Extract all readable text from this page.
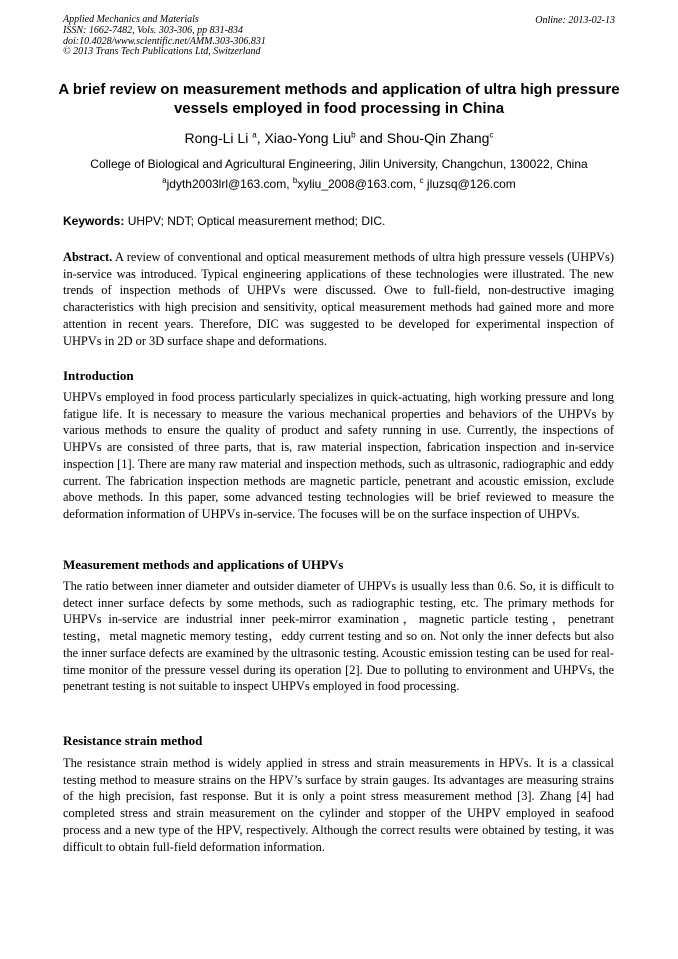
Applied Mechanics and Materials
ISSN: 1662-7482, Vols. 303-306, pp 831-834
doi:10.4028/www.scientific.net/AMM.303-306.831
© 2013 Trans Tech Publications Ltd, Switzerland
Online: 2013-02-13
A brief review on measurement methods and application of ultra high pressure vessels employed in food processing in China
Rong-Li Li $^a$, Xiao-Yong Liu$^b$ and Shou-Qin Zhang$^c$
College of Biological and Agricultural Engineering, Jilin University, Changchun, 130022, China
$^a$jdyth2003lrl@163.com, $^b$xyliu_2008@163.com, $^c$ jluzsq@126.com
Keywords: UHPV; NDT; Optical measurement method; DIC.
Abstract. A review of conventional and optical measurement methods of ultra high pressure vessels (UHPVs) in-service was introduced. Typical engineering applications of these technologies were illustrated. The new trends of inspection methods of UHPVs were discussed. Owe to full-field, non-destructive imaging characteristics with high precision and sensitivity, optical measurement methods had gained more and more attention in recent years. Therefore, DIC was suggested to be developed for experimental inspection of UHPVs in 2D or 3D surface shape and deformations.
Introduction
UHPVs employed in food process particularly specializes in quick-actuating, high working pressure and long fatigue life. It is necessary to measure the various mechanical properties and behaviors of the UHPVs by various methods to ensure the quality of product and safety running in use. Currently, the inspections of UHPVs are consisted of three parts, that is, raw material inspection, fabrication inspection and in-service inspection [1]. There are many raw material and inspection methods, such as ultrasonic, radiographic and eddy current. The fabrication inspection methods are magnetic particle, penetrant and acoustic emission, exclude above methods. In this paper, some advanced testing technologies will be brief reviewed to measure the deformation information of UHPVs in-service. The focuses will be on the surface inspection of UHPVs.
Measurement methods and applications of UHPVs
The ratio between inner diameter and outsider diameter of UHPVs is usually less than 0.6. So, it is difficult to detect inner surface defects by some methods, such as radiographic testing, etc. The primary methods for UHPVs in-service are industrial inner peek-mirror examination，magnetic particle testing，penetrant testing，metal magnetic memory testing，eddy current testing and so on. Not only the inner defects but also the inner surface defects are examined by the ultrasonic testing. Acoustic emission testing can be used for real-time monitor of the pressure vessel during its operation [2]. Due to polluting to environment and UHPVs, the penetrant testing is not suitable to inspect UHPVs employed in food processing.
Resistance strain method
The resistance strain method is widely applied in stress and strain measurements in HPVs. It is a classical testing method to measure strains on the HPV’s surface by strain gauges. Its advantages are measuring strains of the high precision, fast response. But it is only a point stress measurement method [3]. Zhang [4] had completed stress and strain measurement on the cylinder and stopper of the UHPV employed in seafood process and a new type of the HPV, respectively. Although the correct results were obtained by testing, it was difficult to obtain full-field deformation information.
